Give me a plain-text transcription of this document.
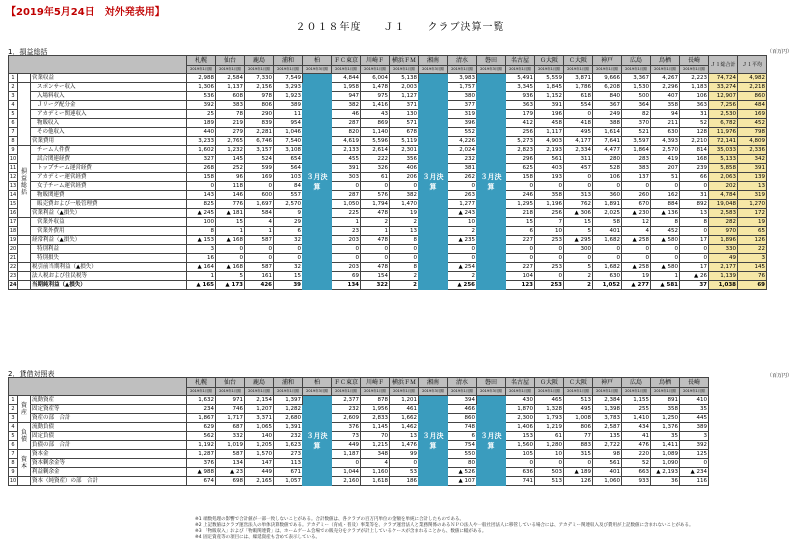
【2019年5月24日　対外発表用】
２０１８年度　　Ｊ１　　クラブ決算一覧
1．損益総括	（百万円）
			札幌	仙台	鹿島	浦和	柏	ＦＣ東京	川崎Ｆ	横浜ＦＭ	湘南	清水	磐田	名古屋	Ｇ大阪	Ｃ大阪	神戸	広島	鳥栖	長崎	Ｊ１総合計	Ｊ１平均
			2019年1月期	2019年1月期	2019年1月期	2019年1月期	2019年3月期	2019年1月期	2019年1月期	2019年1月期	2019年3月期	2019年1月期	2019年3月期	2019年1月期	2019年1月期	2019年1月期	2019年1月期	2019年1月期	2019年1月期	2019年1月期		
1		営業収益	2,988	2,584	7,330	7,549	３月決算	4,844	6,004	5,138	３月決算	3,983	３月決算	5,491	5,559	3,871	9,666	3,367	4,267	2,223	74,724	4,982
2		スポンサー収入	1,306	1,137	2,156	3,293		1,958	1,478	2,003		1,757		3,345	1,845	1,786	6,208	1,530	2,296	1,183	33,274	2,218
3		入場料収入	536	608	978	1,923		947	975	1,127		380		936	1,152	618	840	500	407	106	12,907	860
4		Ｊリーグ配分金	392	383	806	389		382	1,416	371		377		363	391	554	367	364	358	363	7,256	484
5		アカデミー関連収入	25	78	290	11		46	43	130		319		179	196	0	249	82	94	31	2,530	169
6		物販収入	189	219	839	954		287	869	571		396		412	458	418	388	370	211	52	6,782	452
7		その他収入	440	279	2,281	1,046		820	1,140	678		552		256	1,117	495	1,614	521	630	128	11,976	798
8		営業費用	3,233	2,765	6,746	7,540		4,619	5,596	5,119		4,226		5,273	4,903	4,177	7,641	3,597	4,393	2,210	72,141	4,809
9	損益総括	チーム人件費	1,602	1,232	3,157	3,108		2,133	2,614	2,301		2,024		2,823	2,193	2,334	4,477	1,864	2,570	814	35,033	2,336
10		試合関連経費	327	145	524	654		455	222	356		232		296	561	311	280	283	419	168	5,133	342
11		トップチーム運営経費	268	252	599	564		391	326	406		381		625	403	457	528	383	207	239	5,858	391
12		アカデミー運営経費	158	96	169	103		303	61	206		262		158	193	0	106	137	51	66	2,063	139
13		女子チーム運営経費	0	118	0	84		0	0	0		0		0	0	0	0	0	0	0	202	13
14		物販関連費	143	146	600	557		287	576	382		263		246	358	313	360	260	162	31	4,784	319
15		販売費および一般管理費	825	776	1,697	2,570		1,050	1,794	1,470		1,277		1,295	1,196	762	1,891	670	884	892	19,048	1,270
16		営業利益（▲損失）	▲ 245	▲ 181	584	9		225	478	19		▲ 243		218	256	▲ 306	2,025	▲ 230	▲ 136	13	2,583	172
17		営業外収益	100	15	4	29		1	2	2		10		15	7	15	58	12	8	8	282	19
18		営業外費用	8	1	1	6		23	1	13		2		6	10	5	401	4	452	0	970	65
19		経常利益（▲損失）	▲ 153	▲ 168	587	32		203	478	8		▲ 235		227	253	▲ 295	1,682	▲ 258	▲ 580	17	1,896	126
20		特別利益	3	0	0	0		0	0	0		0		0	0	300	0	0	0	0	330	22
21		特別損失	16	0	0	0		0	0	0		0		0	0	0	0	0	0	0	49	3
22		税引前当期利益（▲損失）	▲ 164	▲ 168	587	32		203	478	8		▲ 254		227	253	5	1,682	▲ 258	▲ 580	17	2,177	145
23		法人税および住民税等	1	5	161	15		69	154	2		2		104	0	2	630	19	1	▲ 26	1,139	76
24		当期純利益（▲損失）	▲ 165	▲ 173	426	39		134	322	2		▲ 256		123	253	2	1,052	▲ 277	▲ 581	37	1,038	69
2．貸借対照表	（百万円）
			札幌	仙台	鹿島	浦和	柏	ＦＣ東京	川崎Ｆ	横浜ＦＭ	湘南	清水	磐田	名古屋	Ｇ大阪	Ｃ大阪	神戸	広島	鳥栖	長崎
			2019年1月期	2019年1月期	2019年1月期	2019年1月期	2019年3月期	2019年1月期	2019年1月期	2019年1月期	2019年3月期	2019年1月期	2019年3月期	2019年1月期	2019年1月期	2019年1月期	2019年1月期	2019年1月期	2019年1月期	2019年1月期
1	資産	流動資産	1,632	971	2,154	1,397	３月決算	2,377	878	1,201	３月決算	394	３月決算	430	465	513	2,384	1,155	891	410
2		固定資産等	234	746	1,207	1,282		232	1,956	461		466		1,870	1,328	495	1,398	255	358	35
3		資産の部　合計	1,867	1,717	3,371	2,680		2,609	2,833	1,662		860		2,300	1,793	1,008	3,783	1,410	1,250	445
4	負債	流動負債	629	687	1,065	1,391		376	1,145	1,462		748		1,406	1,219	806	2,587	434	1,376	389
5		固定負債	562	332	140	232		73	70	13		6		153	61	77	135	41	35	3
6		負債の部　合計	1,192	1,019	1,205	1,623		449	1,215	1,476		754		1,560	1,280	883	2,722	476	1,411	392
7	資本	資本金	1,287	587	1,570	273		1,187	348	99		550		105	10	315	98	220	1,089	125
8		資本剰余金等	376	134	147	113		0	4	0		80		0	0	0	561	52	1,090	0
9		利益剰余金	▲ 988	▲ 23	449	671		1,044	1,160	53		▲ 526		636	503	▲ 189	401	663	▲ 2,193	▲ 234
10		資本（純資産）の部　合計	674	698	2,165	1,057		2,160	1,618	186		▲ 107		741	513	126	1,060	933	36	116
※1 端数処理の影響で合計値が一部一致しないことがある。合計数値は、各クラブの百万円単位の金額を単純に合計したものである。
※2 上記数値はクラブ運営法人の単体決算数値である。アカデミー（育成・普及）事業等を、クラブ運営法人と業務関係のあるＮＰＯ法人や一般社団法人に移管している場合には、アカデミー関連収入及び費用が上記数値に含まれないことがある。
※3 「物販収入」および「物販関連費」は、ホームゲーム会場での販売分をクラブが計上しているケースが含まれることから、数値に幅がある。
※4 固定資産等の項目には、繰延資産も含めて表示している。
